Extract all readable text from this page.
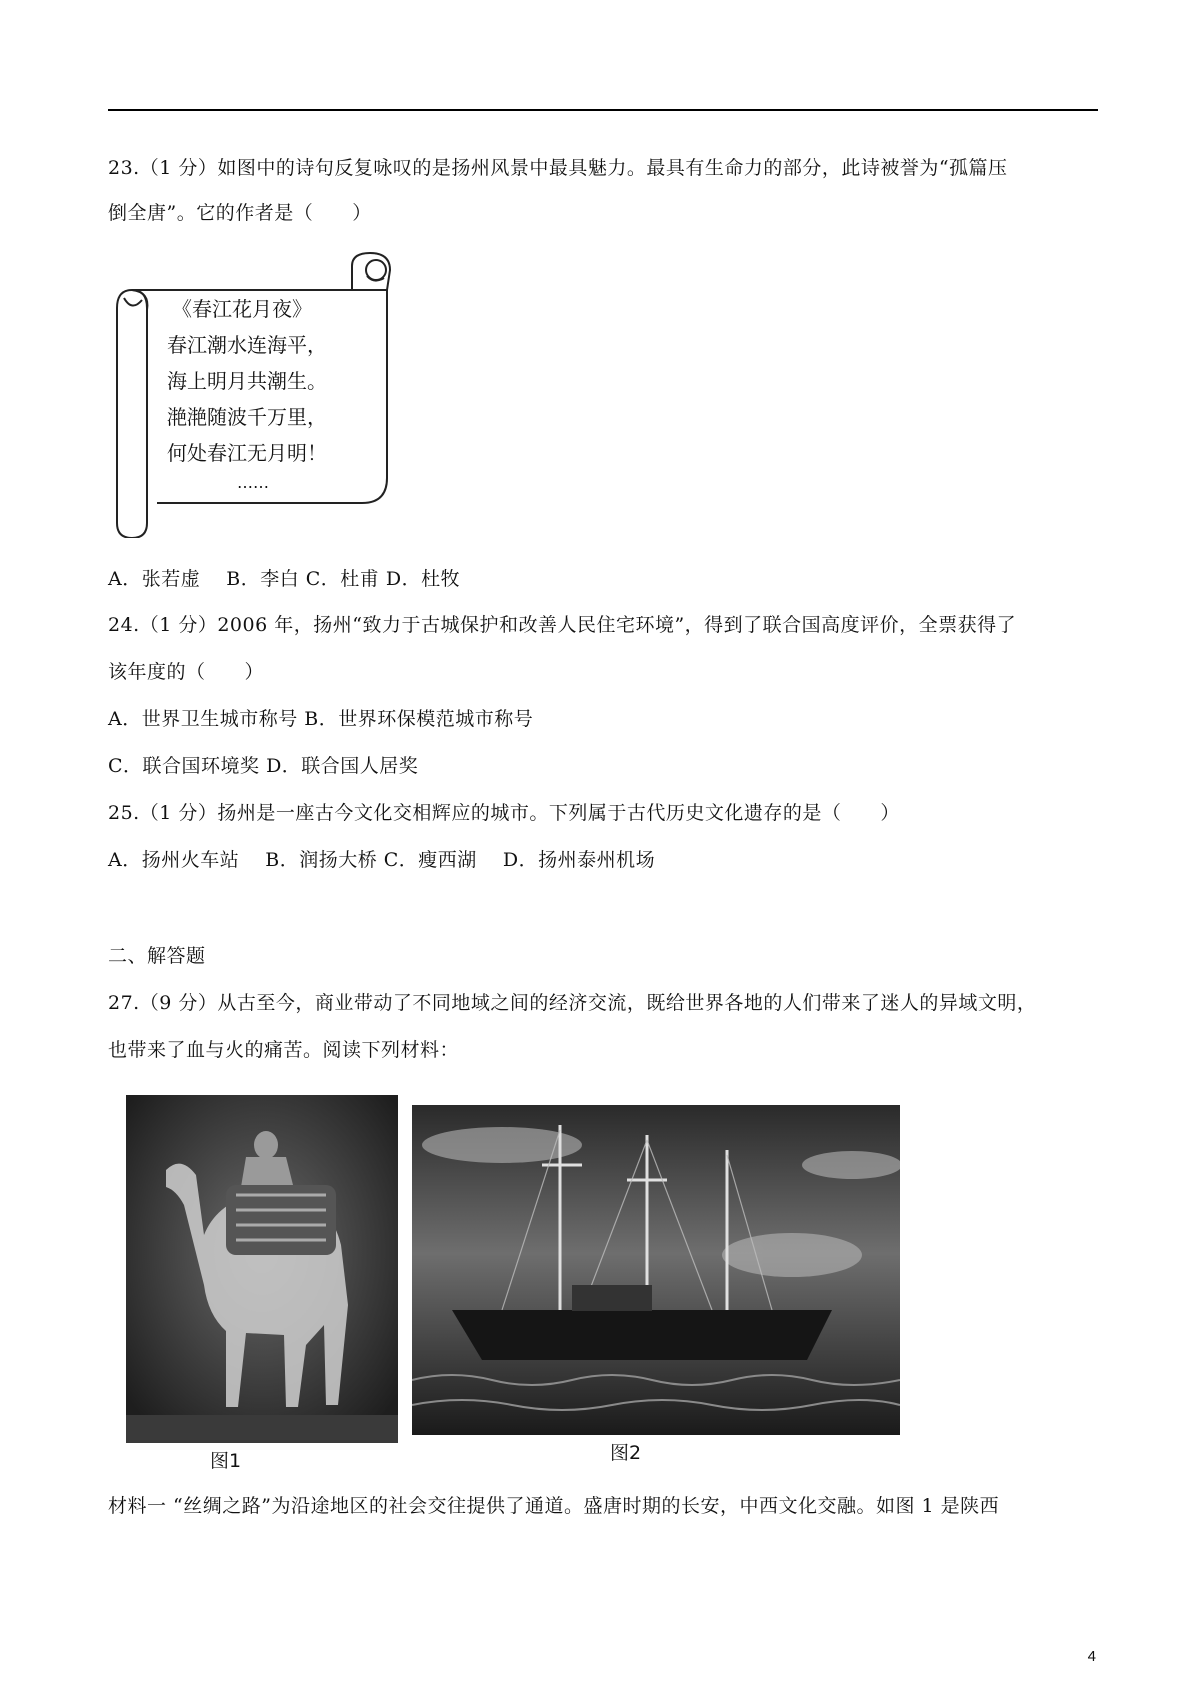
23.（1 分）如图中的诗句反复咏叹的是扬州风景中最具魅力。最具有生命力的部分，此诗被誉为“孤篇压
倒全唐”。它的作者是（　　）
《春江花月夜》
春江潮水连海平，
海上明月共潮生。
滟滟随波千万里，
何处春江无月明！
……
A．张若虚　 B．李白 C．杜甫 D．杜牧
24.（1 分）2006 年，扬州“致力于古城保护和改善人民住宅环境”，得到了联合国高度评价，全票获得了
该年度的（　　）
A．世界卫生城市称号 B．世界环保模范城市称号
C．联合国环境奖 D．联合国人居奖
25.（1 分）扬州是一座古今文化交相辉应的城市。下列属于古代历史文化遗存的是（　　）
A．扬州火车站　 B．润扬大桥 C．瘦西湖　 D．扬州泰州机场
二、解答题
27.（9 分）从古至今，商业带动了不同地域之间的经济交流，既给世界各地的人们带来了迷人的异域文明，
也带来了血与火的痛苦。阅读下列材料：
图1	图2
材料一 “丝绸之路”为沿途地区的社会交往提供了通道。盛唐时期的长安，中西文化交融。如图 1 是陕西
4
